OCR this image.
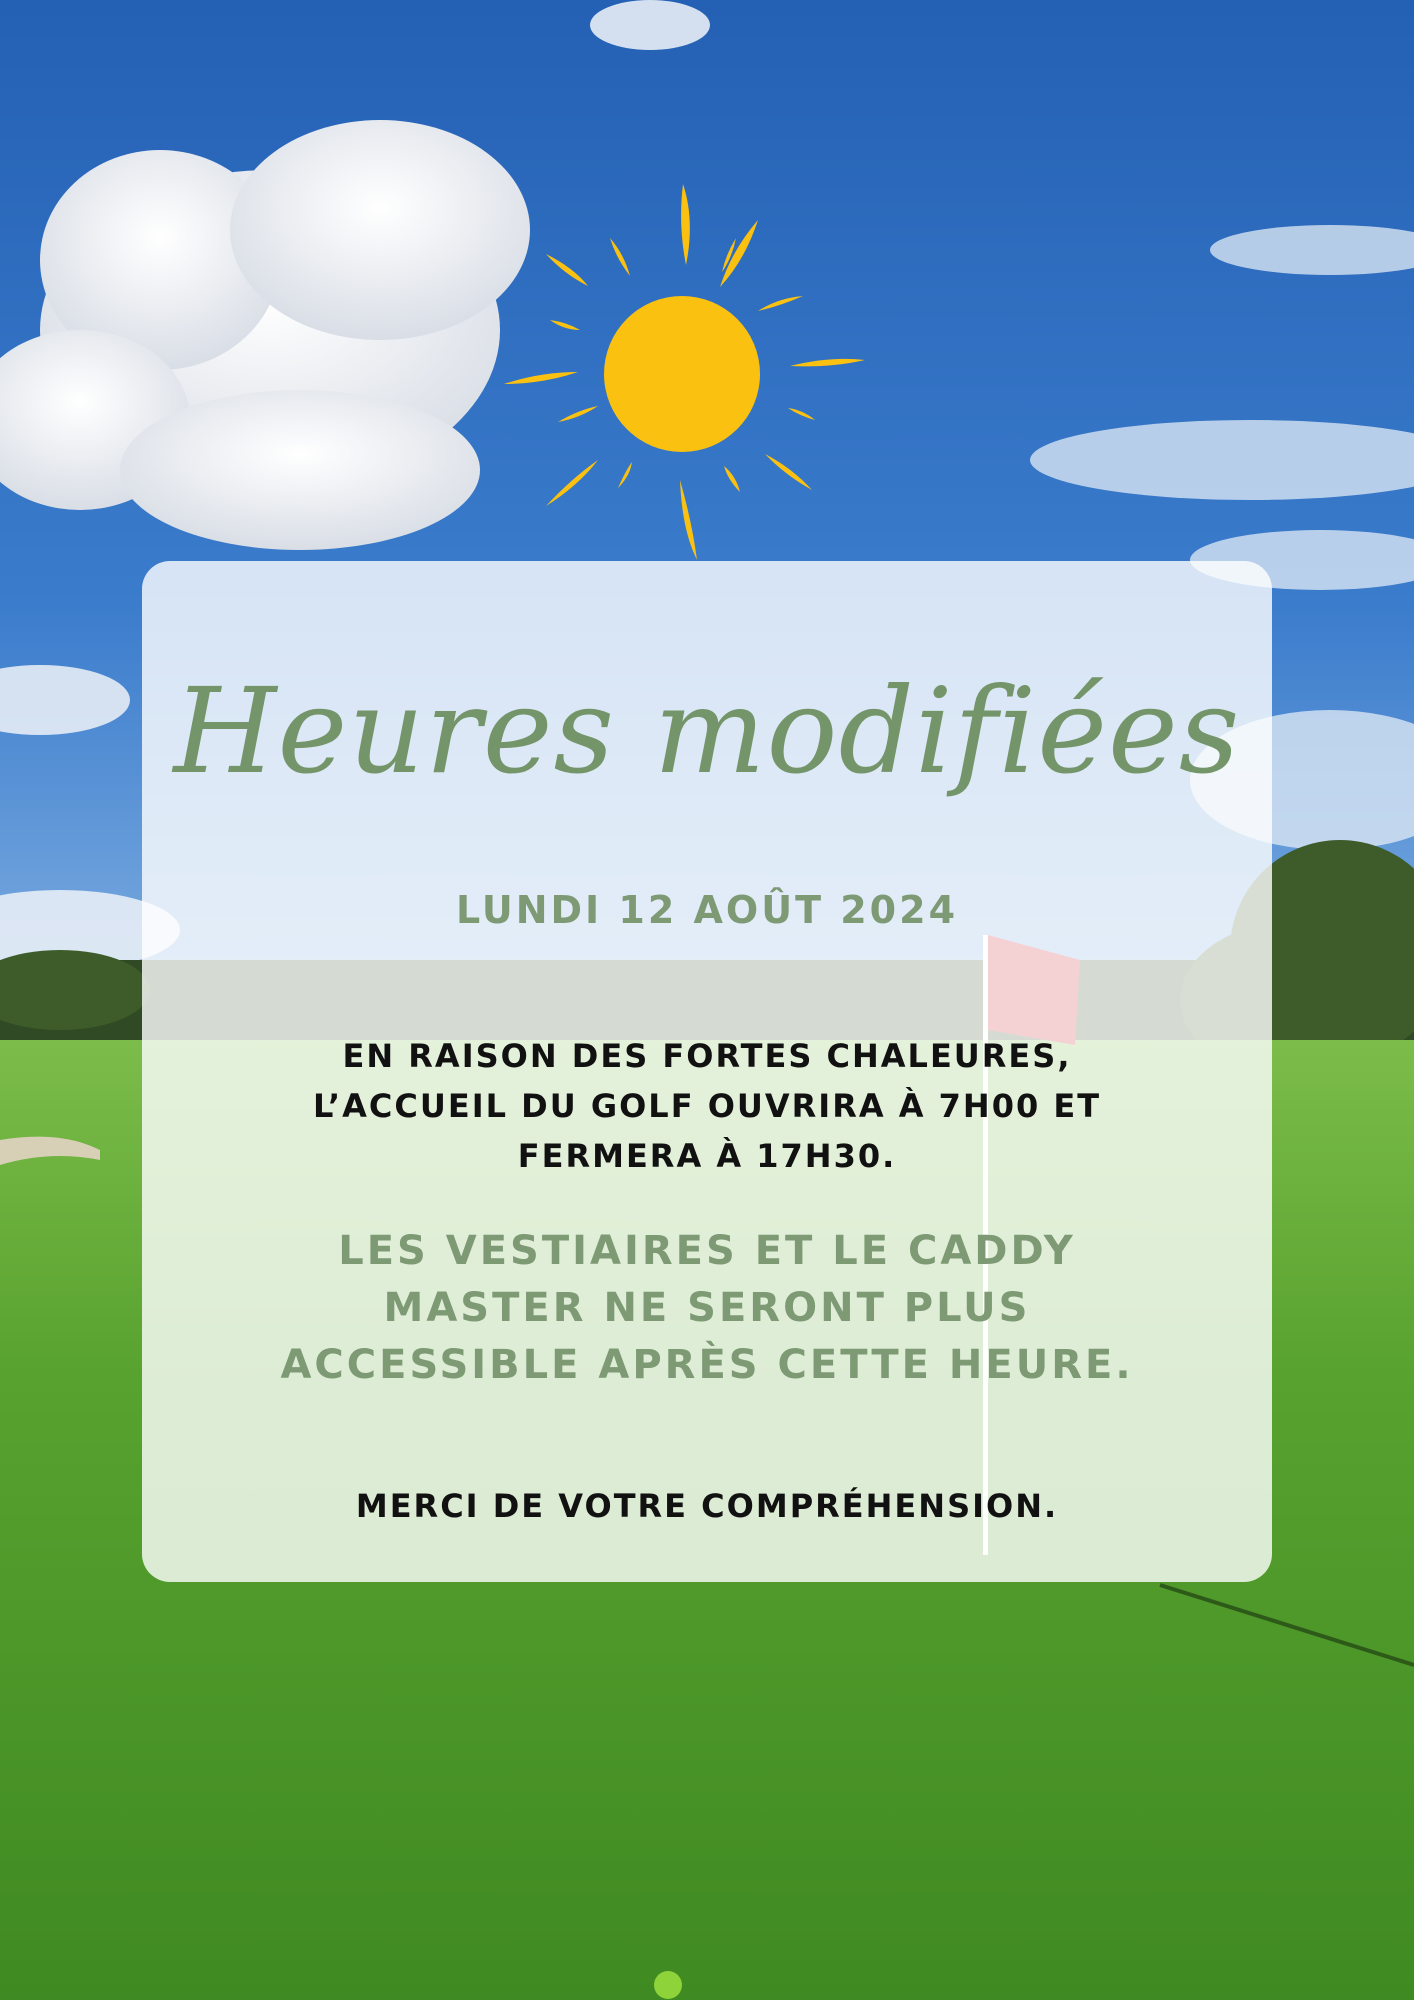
Heures modifiées
LUNDI 12 AOÛT 2024
EN RAISON DES FORTES CHALEURES,
L’ACCUEIL DU GOLF OUVRIRA À 7H00 ET
FERMERA À 17H30.
LES VESTIAIRES ET LE CADDY
MASTER NE SERONT PLUS
ACCESSIBLE APRÈS CETTE HEURE.
MERCI DE VOTRE COMPRÉHENSION.
